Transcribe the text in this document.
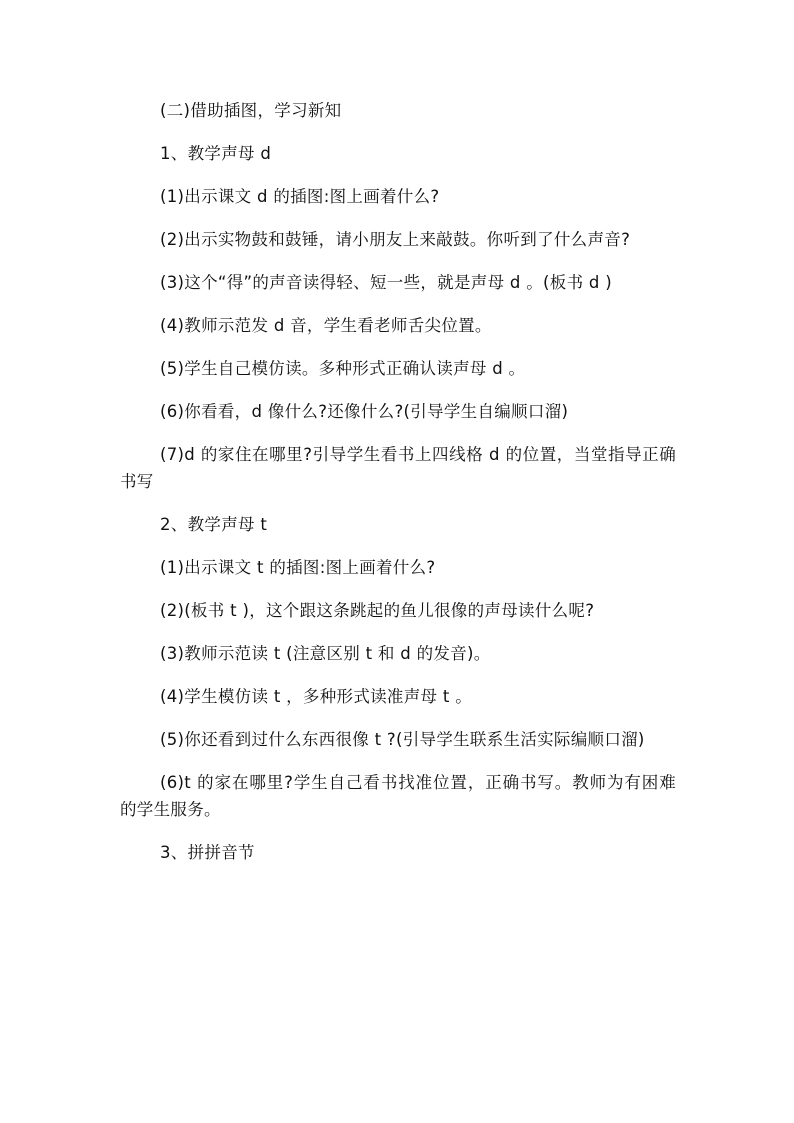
(二)借助插图，学习新知

1、教学声母 d

(1)出示课文 d 的插图:图上画着什么?

(2)出示实物鼓和鼓锤，请小朋友上来敲鼓。你听到了什么声音?

(3)这个“得”的声音读得轻、短一些，就是声母 d 。(板书 d )

(4)教师示范发 d 音，学生看老师舌尖位置。

(5)学生自己模仿读。多种形式正确认读声母 d 。

(6)你看看，d 像什么?还像什么?(引导学生自编顺口溜)

(7)d 的家住在哪里?引导学生看书上四线格 d 的位置，当堂指导正确书写

2、教学声母 t

(1)出示课文 t 的插图:图上画着什么?

(2)(板书 t )，这个跟这条跳起的鱼儿很像的声母读什么呢?

(3)教师示范读 t (注意区别 t 和 d 的发音)。

(4)学生模仿读 t ，多种形式读准声母 t 。

(5)你还看到过什么东西很像 t ?(引导学生联系生活实际编顺口溜)

(6)t 的家在哪里?学生自己看书找准位置，正确书写。教师为有困难的学生服务。

3、拼拼音节
